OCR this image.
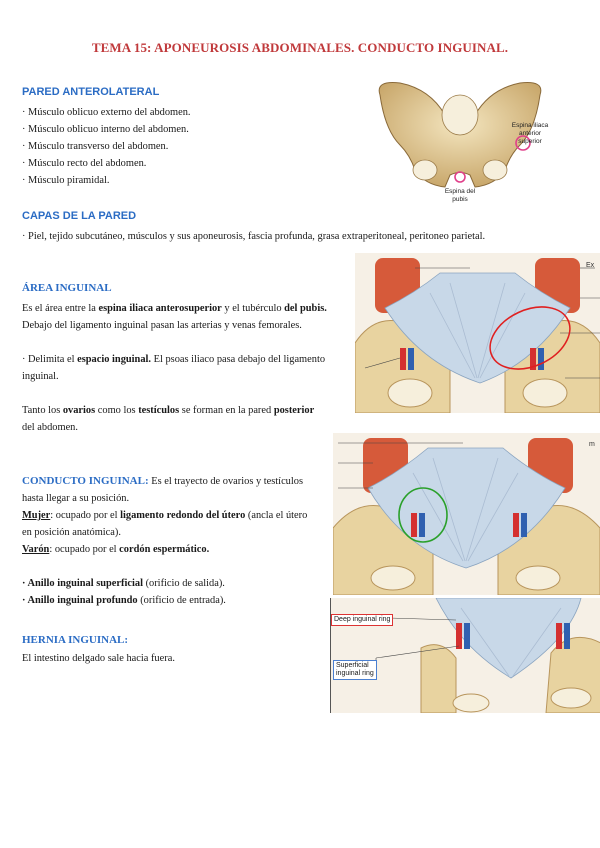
TEMA 15: APONEUROSIS ABDOMINALES. CONDUCTO INGUINAL.
PARED ANTEROLATERAL
· Músculo oblicuo externo del abdomen.
· Músculo oblicuo interno del abdomen.
· Músculo transverso del abdomen.
· Músculo recto del abdomen.
· Músculo piramidal.
Espina iliaca
anterior superior
Espina del
pubis
CAPAS DE LA PARED
· Piel, tejido subcutáneo, músculos y sus aponeurosis, fascia profunda, grasa extraperitoneal, peritoneo parietal.
Ex
ÁREA INGUINAL
Es el área entre la espina iliaca anterosuperior y el tubérculo del pubis.
Debajo del ligamento inguinal pasan las arterias y venas femorales.
· Delimita el espacio inguinal. El psoas iliaco pasa debajo del ligamento
inguinal.
Tanto los ovarios como los testículos se forman en la pared posterior
del abdomen.
m
CONDUCTO INGUINAL: Es el trayecto de ovarios y testículos
hasta llegar a su posición.
Mujer: ocupado por el ligamento redondo del útero (ancla el útero
en posición anatómica).
Varón: ocupado por el cordón espermático.
· Anillo inguinal superficial (orificio de salida).
· Anillo inguinal profundo (orificio de entrada).
HERNIA INGUINAL:
El intestino delgado sale hacia fuera.
Deep inguinal ring
Superficial
inguinal ring
